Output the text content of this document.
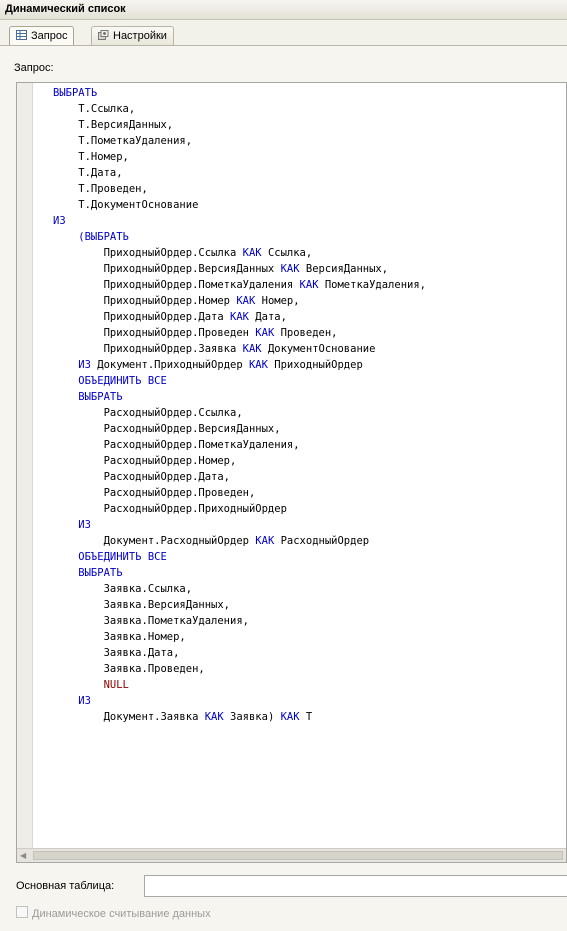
Динамический список
Запрос	Настройки
Запрос:
ВЫБРАТЬ
Т.Ссылка,
Т.ВерсияДанных,
Т.ПометкаУдаления,
Т.Номер,
Т.Дата,
Т.Проведен,
Т.ДокументОснование
ИЗ
(ВЫБРАТЬ
ПриходныйОрдер.Ссылка КАК Ссылка,
ПриходныйОрдер.ВерсияДанных КАК ВерсияДанных,
ПриходныйОрдер.ПометкаУдаления КАК ПометкаУдаления,
ПриходныйОрдер.Номер КАК Номер,
ПриходныйОрдер.Дата КАК Дата,
ПриходныйОрдер.Проведен КАК Проведен,
ПриходныйОрдер.Заявка КАК ДокументОснование
ИЗ Документ.ПриходныйОрдер КАК ПриходныйОрдер
ОБЪЕДИНИТЬ ВСЕ
ВЫБРАТЬ
РасходныйОрдер.Ссылка,
РасходныйОрдер.ВерсияДанных,
РасходныйОрдер.ПометкаУдаления,
РасходныйОрдер.Номер,
РасходныйОрдер.Дата,
РасходныйОрдер.Проведен,
РасходныйОрдер.ПриходныйОрдер
ИЗ
Документ.РасходныйОрдер КАК РасходныйОрдер
ОБЪЕДИНИТЬ ВСЕ
ВЫБРАТЬ
Заявка.Ссылка,
Заявка.ВерсияДанных,
Заявка.ПометкаУдаления,
Заявка.Номер,
Заявка.Дата,
Заявка.Проведен,
NULL
ИЗ
Документ.Заявка КАК Заявка) КАК Т
◀
Основная таблица:
Динамическое считывание данных
